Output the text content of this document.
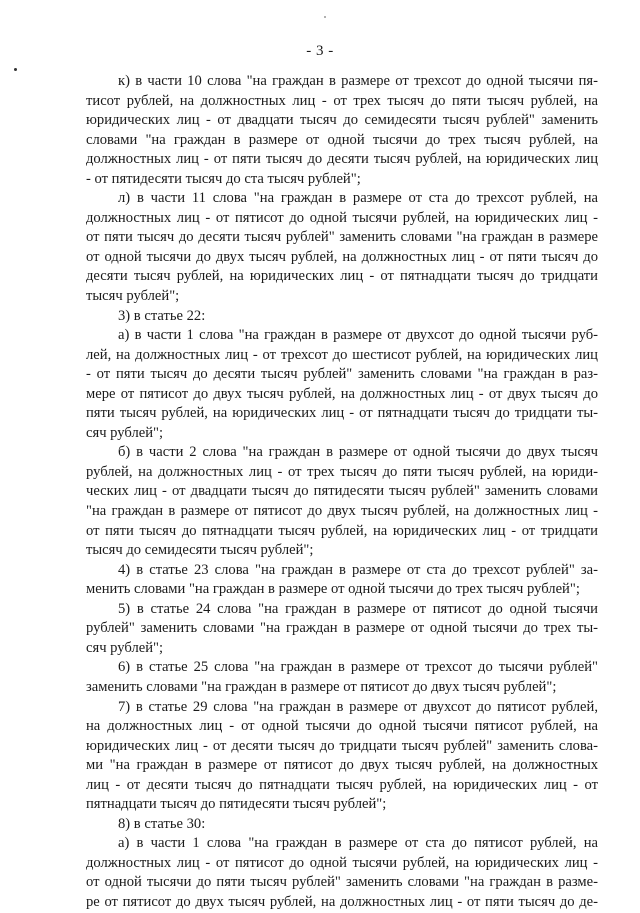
- 3 -
к) в части 10 слова "на граждан в размере от трехсот до одной тысячи пя-
тисот рублей, на должностных лиц - от трех тысяч до пяти тысяч рублей, на
юридических лиц - от двадцати тысяч до семидесяти тысяч рублей" заменить
словами "на граждан в размере от одной тысячи до трех тысяч рублей, на
должностных лиц - от пяти тысяч до десяти тысяч рублей, на юридических лиц
- от пятидесяти тысяч до ста тысяч рублей";
л) в части 11 слова "на граждан в размере от ста до трехсот рублей, на
должностных лиц - от пятисот до одной тысячи рублей, на юридических лиц -
от пяти тысяч до десяти тысяч рублей" заменить словами "на граждан в размере
от одной тысячи до двух тысяч рублей, на должностных лиц - от пяти тысяч до
десяти тысяч рублей, на юридических лиц - от пятнадцати тысяч до тридцати
тысяч рублей";
3) в статье 22:
а) в части 1 слова "на граждан в размере от двухсот до одной тысячи руб-
лей, на должностных лиц - от трехсот до шестисот рублей, на юридических лиц
- от пяти тысяч до десяти тысяч рублей" заменить словами "на граждан в раз-
мере от пятисот до двух тысяч рублей, на должностных лиц - от двух тысяч до
пяти тысяч рублей, на юридических лиц - от пятнадцати тысяч до тридцати ты-
сяч рублей";
б) в части 2 слова "на граждан в размере от одной тысячи до двух тысяч
рублей, на должностных лиц - от трех тысяч до пяти тысяч рублей, на юриди-
ческих лиц - от двадцати тысяч до пятидесяти тысяч рублей" заменить словами
"на граждан в размере от пятисот до двух тысяч рублей, на должностных лиц -
от пяти тысяч до пятнадцати тысяч рублей, на юридических лиц - от тридцати
тысяч до семидесяти тысяч рублей";
4) в статье 23 слова "на граждан в размере от ста до трехсот рублей" за-
менить словами "на граждан в размере от одной тысячи до трех тысяч рублей";
5) в статье 24 слова "на граждан в размере от пятисот до одной тысячи
рублей" заменить словами "на граждан в размере от одной тысячи до трех ты-
сяч рублей";
6) в статье 25 слова "на граждан в размере от трехсот до тысячи рублей"
заменить словами "на граждан в размере от пятисот до двух тысяч рублей";
7) в статье 29 слова "на граждан в размере от двухсот до пятисот рублей,
на должностных лиц - от одной тысячи до одной тысячи пятисот рублей, на
юридических лиц - от десяти тысяч до тридцати тысяч рублей" заменить слова-
ми "на граждан в размере от пятисот до двух тысяч рублей, на должностных
лиц - от десяти тысяч до пятнадцати тысяч рублей, на юридических лиц - от
пятнадцати тысяч до пятидесяти тысяч рублей";
8) в статье 30:
а) в части 1 слова "на граждан в размере от ста до пятисот рублей, на
должностных лиц - от пятисот до одной тысячи рублей, на юридических лиц -
от одной тысячи до пяти тысяч рублей" заменить словами "на граждан в разме-
ре от пятисот до двух тысяч рублей, на должностных лиц - от пяти тысяч до де-
